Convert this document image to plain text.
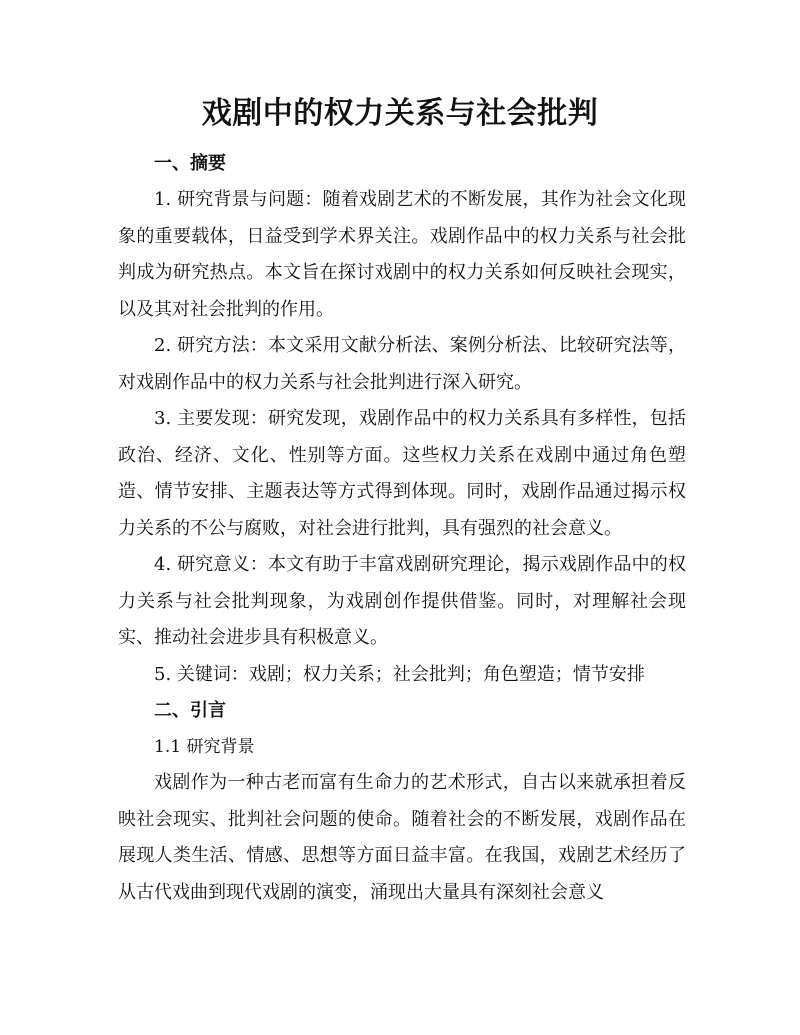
戏剧中的权力关系与社会批判
一、摘要

1. 研究背景与问题：随着戏剧艺术的不断发展，其作为社会文化现象的重要载体，日益受到学术界关注。戏剧作品中的权力关系与社会批判成为研究热点。本文旨在探讨戏剧中的权力关系如何反映社会现实，以及其对社会批判的作用。

2. 研究方法：本文采用文献分析法、案例分析法、比较研究法等，对戏剧作品中的权力关系与社会批判进行深入研究。

3. 主要发现：研究发现，戏剧作品中的权力关系具有多样性，包括政治、经济、文化、性别等方面。这些权力关系在戏剧中通过角色塑造、情节安排、主题表达等方式得到体现。同时，戏剧作品通过揭示权力关系的不公与腐败，对社会进行批判，具有强烈的社会意义。

4. 研究意义：本文有助于丰富戏剧研究理论，揭示戏剧作品中的权力关系与社会批判现象，为戏剧创作提供借鉴。同时，对理解社会现实、推动社会进步具有积极意义。

5. 关键词：戏剧；权力关系；社会批判；角色塑造；情节安排

二、引言
1.1 研究背景

戏剧作为一种古老而富有生命力的艺术形式，自古以来就承担着反映社会现实、批判社会问题的使命。随着社会的不断发展，戏剧作品在展现人类生活、情感、思想等方面日益丰富。在我国，戏剧艺术经历了从古代戏曲到现代戏剧的演变，涌现出大量具有深刻社会意义
